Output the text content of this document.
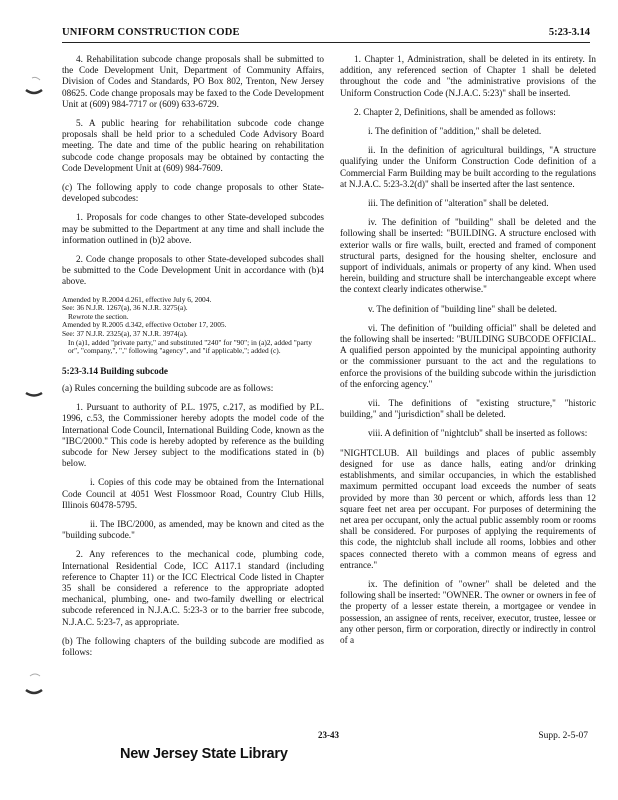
UNIFORM CONSTRUCTION CODE	5:23-3.14

4. Rehabilitation subcode change proposals shall be submitted to the Code Development Unit, Department of Community Affairs, Division of Codes and Standards, PO Box 802, Trenton, New Jersey 08625. Code change proposals may be faxed to the Code Development Unit at (609) 984-7717 or (609) 633-6729.

5. A public hearing for rehabilitation subcode code change proposals shall be held prior to a scheduled Code Advisory Board meeting. The date and time of the public hearing on rehabilitation subcode code change proposals may be obtained by contacting the Code Development Unit at (609) 984-7609.

(c) The following apply to code change proposals to other State-developed subcodes:

1. Proposals for code changes to other State-developed subcodes may be submitted to the Department at any time and shall include the information outlined in (b)2 above.

2. Code change proposals to other State-developed subcodes shall be submitted to the Code Development Unit in accordance with (b)4 above.

Amended by R.2004 d.261, effective July 6, 2004.

See: 36 N.J.R. 1267(a), 36 N.J.R. 3275(a).

Rewrote the section.

Amended by R.2005 d.342, effective October 17, 2005.

See: 37 N.J.R. 2325(a), 37 N.J.R. 3974(a).

In (a)1, added "private party," and substituted "240" for "90"; in (a)2, added "party or", "company,", "," following "agency", and "if applicable,"; added (c).

5:23-3.14 Building subcode

(a) Rules concerning the building subcode are as follows:

1. Pursuant to authority of P.L. 1975, c.217, as modified by P.L. 1996, c.53, the Commissioner hereby adopts the model code of the International Code Council, International Building Code, known as the "IBC/2000." This code is hereby adopted by reference as the building subcode for New Jersey subject to the modifications stated in (b) below.

i. Copies of this code may be obtained from the International Code Council at 4051 West Flossmoor Road, Country Club Hills, Illinois 60478-5795.

ii. The IBC/2000, as amended, may be known and cited as the "building subcode."

2. Any references to the mechanical code, plumbing code, International Residential Code, ICC A117.1 standard (including reference to Chapter 11) or the ICC Electrical Code listed in Chapter 35 shall be considered a reference to the appropriate adopted mechanical, plumbing, one- and two-family dwelling or electrical subcode referenced in N.J.A.C. 5:23-3 or to the barrier free subcode, N.J.A.C. 5:23-7, as appropriate.

(b) The following chapters of the building subcode are modified as follows:

1. Chapter 1, Administration, shall be deleted in its entirety. In addition, any referenced section of Chapter 1 shall be deleted throughout the code and "the administrative provisions of the Uniform Construction Code (N.J.A.C. 5:23)" shall be inserted.

2. Chapter 2, Definitions, shall be amended as follows:

i. The definition of "addition," shall be deleted.

ii. In the definition of agricultural buildings, "A structure qualifying under the Uniform Construction Code definition of a Commercial Farm Building may be built according to the regulations at N.J.A.C. 5:23-3.2(d)" shall be inserted after the last sentence.

iii. The definition of "alteration" shall be deleted.

iv. The definition of "building" shall be deleted and the following shall be inserted: "BUILDING. A structure enclosed with exterior walls or fire walls, built, erected and framed of component structural parts, designed for the housing shelter, enclosure and support of individuals, animals or property of any kind. When used herein, building and structure shall be interchangeable except where the context clearly indicates otherwise."

v. The definition of "building line" shall be deleted.

vi. The definition of "building official" shall be deleted and the following shall be inserted: "BUILDING SUBCODE OFFICIAL. A qualified person appointed by the municipal appointing authority or the commissioner pursuant to the act and the regulations to enforce the provisions of the building subcode within the jurisdiction of the enforcing agency."

vii. The definitions of "existing structure," "historic building," and "jurisdiction" shall be deleted.

viii. A definition of "nightclub" shall be inserted as follows:

"NIGHTCLUB. All buildings and places of public assembly designed for use as dance halls, eating and/or drinking establishments, and similar occupancies, in which the established maximum permitted occupant load exceeds the number of seats provided by more than 30 percent or which, affords less than 12 square feet net area per occupant. For purposes of determining the net area per occupant, only the actual public assembly room or rooms shall be considered. For purposes of applying the requirements of this code, the nightclub shall include all rooms, lobbies and other spaces connected thereto with a common means of egress and entrance."

ix. The definition of "owner" shall be deleted and the following shall be inserted: "OWNER. The owner or owners in fee of the property of a lesser estate therein, a mortgagee or vendee in possession, an assignee of rents, receiver, executor, trustee, lessee or any other person, firm or corporation, directly or indirectly in control of a

23-43	Supp. 2-5-07
New Jersey State Library
